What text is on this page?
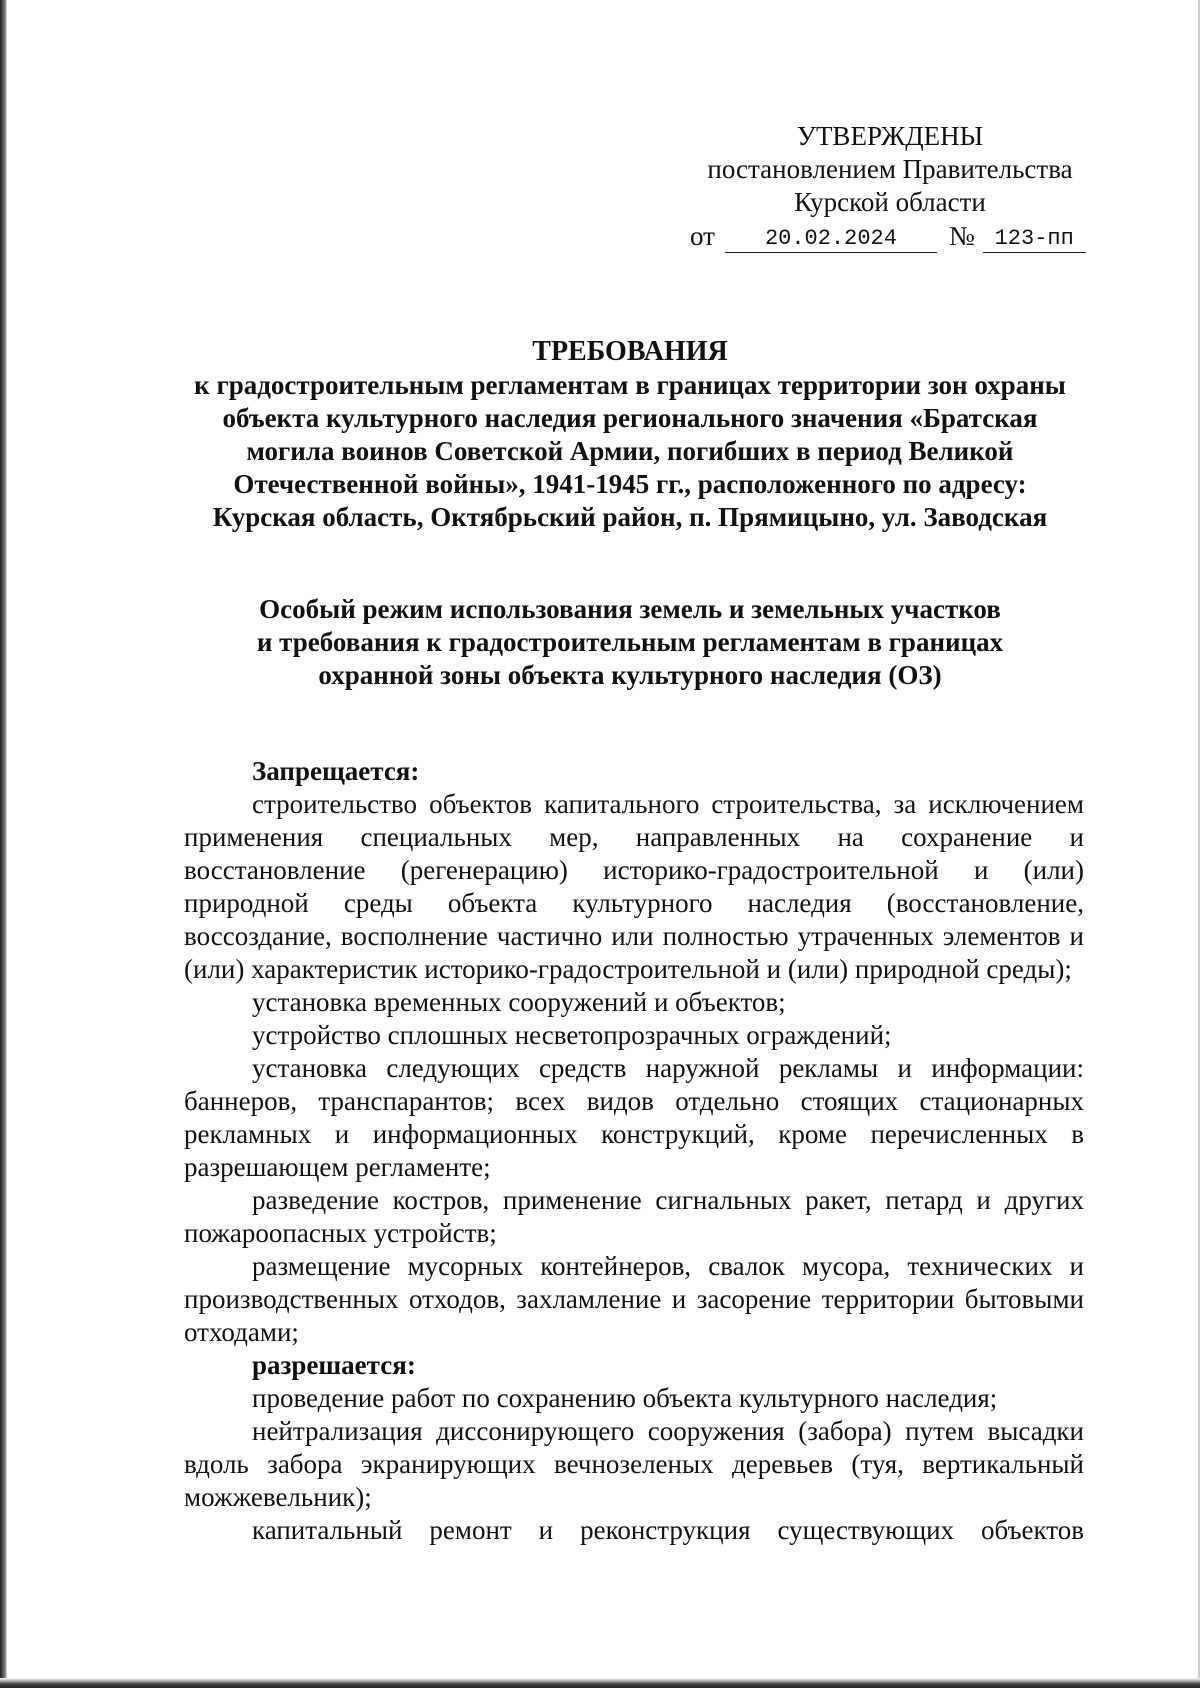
УТВЕРЖДЕНЫ
постановлением Правительства
Курской области
от	20.02.2024	№ 123-пп
ТРЕБОВАНИЯ
к градостроительным регламентам в границах территории зон охраны
объекта культурного наследия регионального значения «Братская
могила воинов Советской Армии, погибших в период Великой
Отечественной войны», 1941-1945 гг., расположенного по адресу:
Курская область, Октябрьский район, п. Прямицыно, ул. Заводская
Особый режим использования земель и земельных участков
и требования к градостроительным регламентам в границах
охранной зоны объекта культурного наследия (ОЗ)
Запрещается:

строительство объектов капитального строительства, за исключением применения специальных мер, направленных на сохранение и восстановление (регенерацию) историко-градостроительной и (или) природной среды объекта культурного наследия (восстановление, воссоздание, восполнение частично или полностью утраченных элементов и (или) характеристик историко-градостроительной и (или) природной среды);

установка временных сооружений и объектов;

устройство сплошных несветопрозрачных ограждений;

установка следующих средств наружной рекламы и информации: баннеров, транспарантов; всех видов отдельно стоящих стационарных рекламных и информационных конструкций, кроме перечисленных в разрешающем регламенте;

разведение костров, применение сигнальных ракет, петард и других пожароопасных устройств;

размещение мусорных контейнеров, свалок мусора, технических и производственных отходов, захламление и засорение территории бытовыми отходами;

разрешается:

проведение работ по сохранению объекта культурного наследия;

нейтрализация диссонирующего сооружения (забора) путем высадки вдоль забора экранирующих вечнозеленых деревьев (туя, вертикальный можжевельник);

капитальный ремонт и реконструкция существующих объектов
